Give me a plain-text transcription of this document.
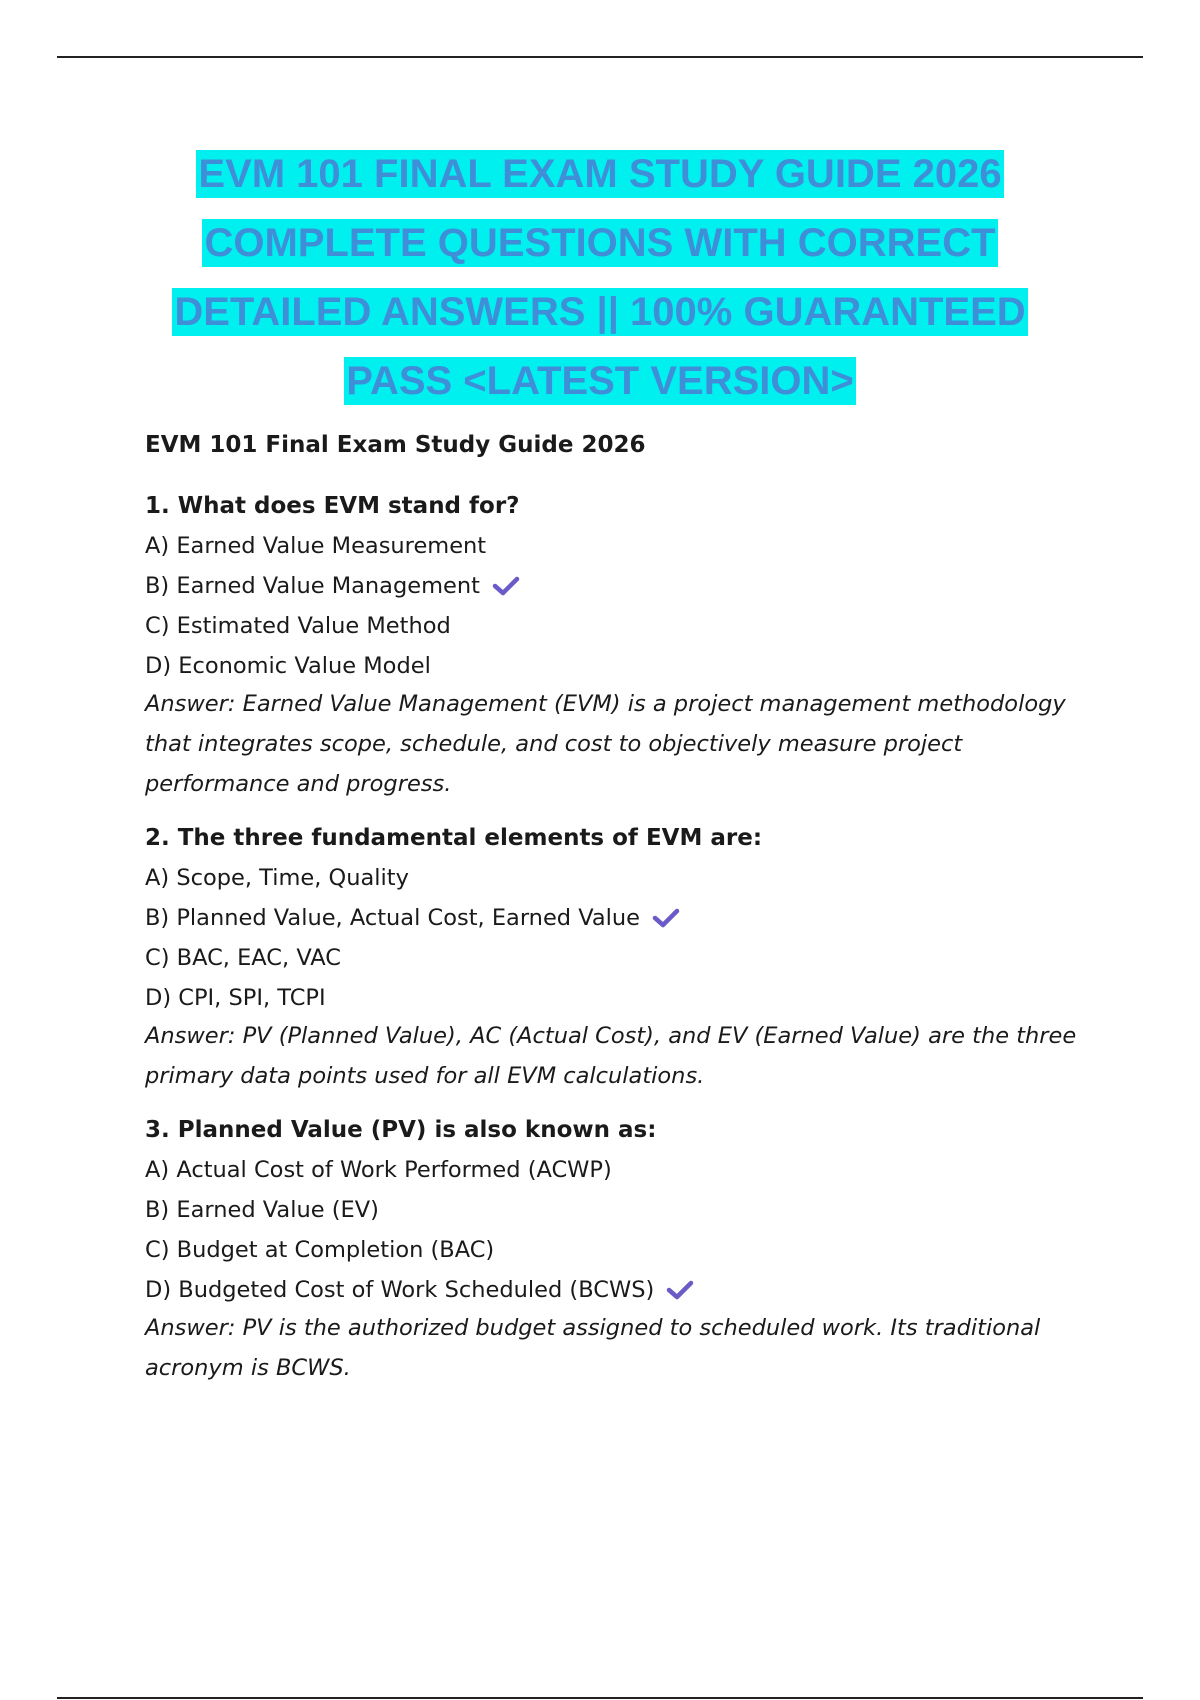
EVM 101 FINAL EXAM STUDY GUIDE 2026
COMPLETE QUESTIONS WITH CORRECT
DETAILED ANSWERS || 100% GUARANTEED
PASS <LATEST VERSION>
EVM 101 Final Exam Study Guide 2026
1. What does EVM stand for?
A) Earned Value Measurement
B) Earned Value Management
C) Estimated Value Method
D) Economic Value Model
Answer: Earned Value Management (EVM) is a project management methodology that integrates scope, schedule, and cost to objectively measure project performance and progress.
2. The three fundamental elements of EVM are:
A) Scope, Time, Quality
B) Planned Value, Actual Cost, Earned Value
C) BAC, EAC, VAC
D) CPI, SPI, TCPI
Answer: PV (Planned Value), AC (Actual Cost), and EV (Earned Value) are the three primary data points used for all EVM calculations.
3. Planned Value (PV) is also known as:
A) Actual Cost of Work Performed (ACWP)
B) Earned Value (EV)
C) Budget at Completion (BAC)
D) Budgeted Cost of Work Scheduled (BCWS)
Answer: PV is the authorized budget assigned to scheduled work. Its traditional acronym is BCWS.
